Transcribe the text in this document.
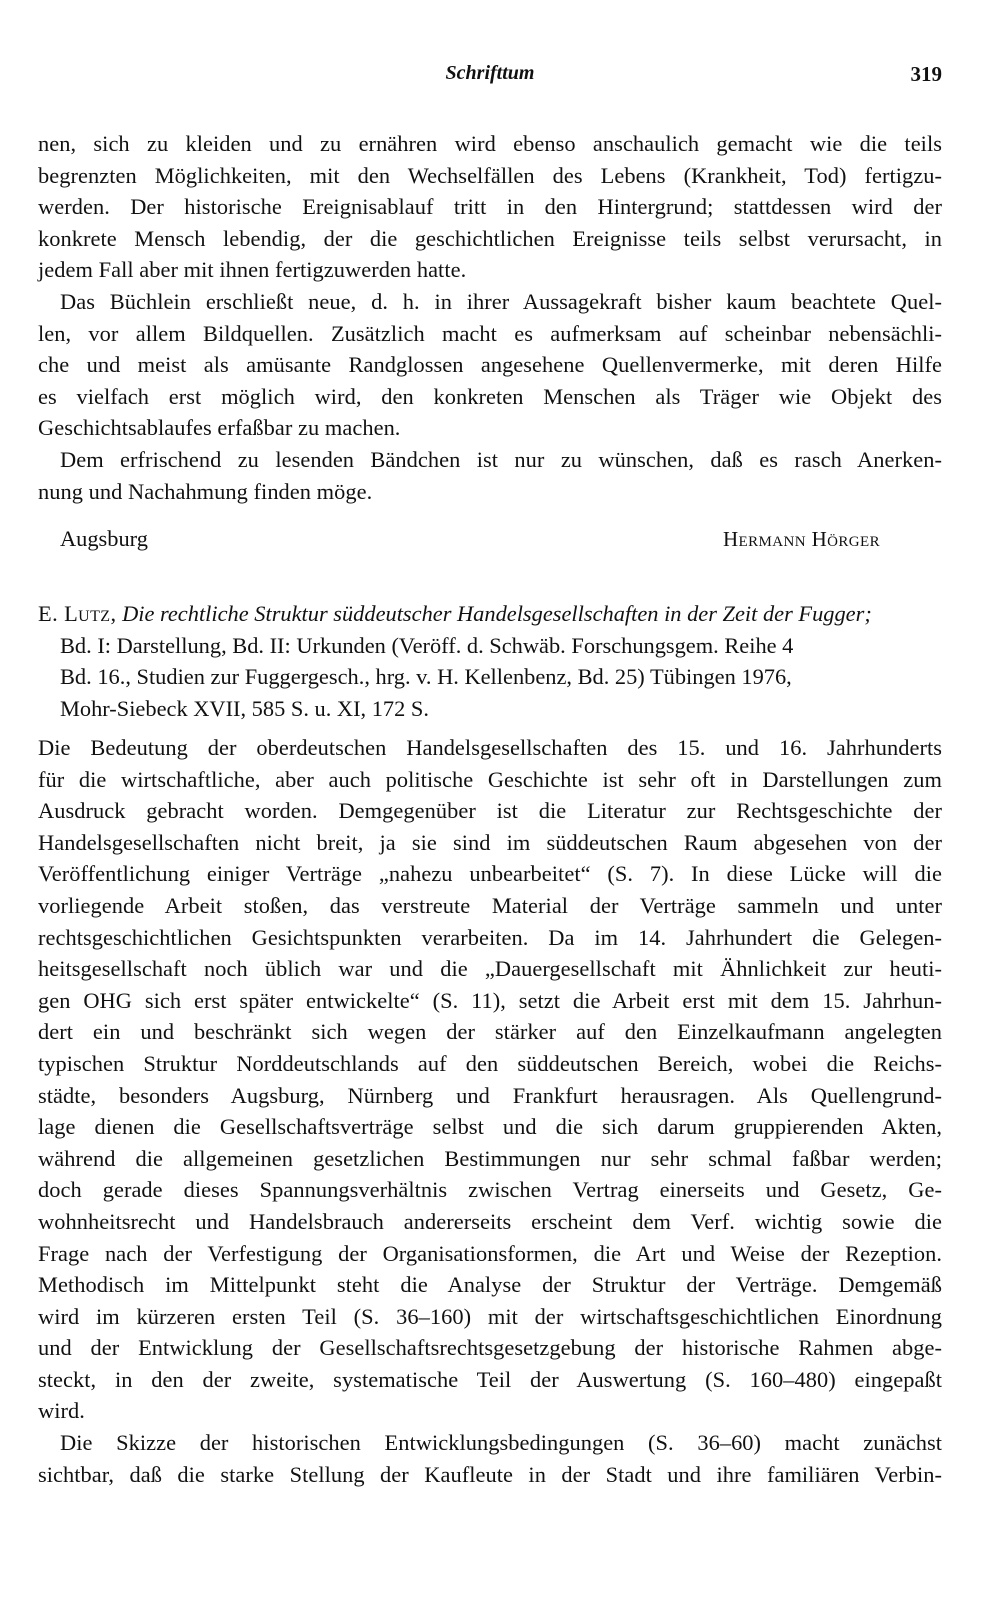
Schrifttum	319
nen, sich zu kleiden und zu ernähren wird ebenso anschaulich gemacht wie die teils
begrenzten Möglichkeiten, mit den Wechselfällen des Lebens (Krankheit, Tod) fertigzu-
werden. Der historische Ereignisablauf tritt in den Hintergrund; stattdessen wird der
konkrete Mensch lebendig, der die geschichtlichen Ereignisse teils selbst verursacht, in
jedem Fall aber mit ihnen fertigzuwerden hatte.
Das Büchlein erschließt neue, d. h. in ihrer Aussagekraft bisher kaum beachtete Quel-
len, vor allem Bildquellen. Zusätzlich macht es aufmerksam auf scheinbar nebensächli-
che und meist als amüsante Randglossen angesehene Quellenvermerke, mit deren Hilfe
es vielfach erst möglich wird, den konkreten Menschen als Träger wie Objekt des
Geschichtsablaufes erfaßbar zu machen.
Dem erfrischend zu lesenden Bändchen ist nur zu wünschen, daß es rasch Anerken-
nung und Nachahmung finden möge.
Augsburg	Hermann Hörger
E. Lutz, Die rechtliche Struktur süddeutscher Handelsgesellschaften in der Zeit der Fugger;
Bd. I: Darstellung, Bd. II: Urkunden (Veröff. d. Schwäb. Forschungsgem. Reihe 4
Bd. 16., Studien zur Fuggergesch., hrg. v. H. Kellenbenz, Bd. 25) Tübingen 1976,
Mohr-Siebeck XVII, 585 S. u. XI, 172 S.
Die Bedeutung der oberdeutschen Handelsgesellschaften des 15. und 16. Jahrhunderts
für die wirtschaftliche, aber auch politische Geschichte ist sehr oft in Darstellungen zum
Ausdruck gebracht worden. Demgegenüber ist die Literatur zur Rechtsgeschichte der
Handelsgesellschaften nicht breit, ja sie sind im süddeutschen Raum abgesehen von der
Veröffentlichung einiger Verträge „nahezu unbearbeitet“ (S. 7). In diese Lücke will die
vorliegende Arbeit stoßen, das verstreute Material der Verträge sammeln und unter
rechtsgeschichtlichen Gesichtspunkten verarbeiten. Da im 14. Jahrhundert die Gelegen-
heitsgesellschaft noch üblich war und die „Dauergesellschaft mit Ähnlichkeit zur heuti-
gen OHG sich erst später entwickelte“ (S. 11), setzt die Arbeit erst mit dem 15. Jahrhun-
dert ein und beschränkt sich wegen der stärker auf den Einzelkaufmann angelegten
typischen Struktur Norddeutschlands auf den süddeutschen Bereich, wobei die Reichs-
städte, besonders Augsburg, Nürnberg und Frankfurt herausragen. Als Quellengrund-
lage dienen die Gesellschaftsverträge selbst und die sich darum gruppierenden Akten,
während die allgemeinen gesetzlichen Bestimmungen nur sehr schmal faßbar werden;
doch gerade dieses Spannungsverhältnis zwischen Vertrag einerseits und Gesetz, Ge-
wohnheitsrecht und Handelsbrauch andererseits erscheint dem Verf. wichtig sowie die
Frage nach der Verfestigung der Organisationsformen, die Art und Weise der Rezeption.
Methodisch im Mittelpunkt steht die Analyse der Struktur der Verträge. Demgemäß
wird im kürzeren ersten Teil (S. 36–160) mit der wirtschaftsgeschichtlichen Einordnung
und der Entwicklung der Gesellschaftsrechtsgesetzgebung der historische Rahmen abge-
steckt, in den der zweite, systematische Teil der Auswertung (S. 160–480) eingepaßt
wird.
Die Skizze der historischen Entwicklungsbedingungen (S. 36–60) macht zunächst
sichtbar, daß die starke Stellung der Kaufleute in der Stadt und ihre familiären Verbin-
